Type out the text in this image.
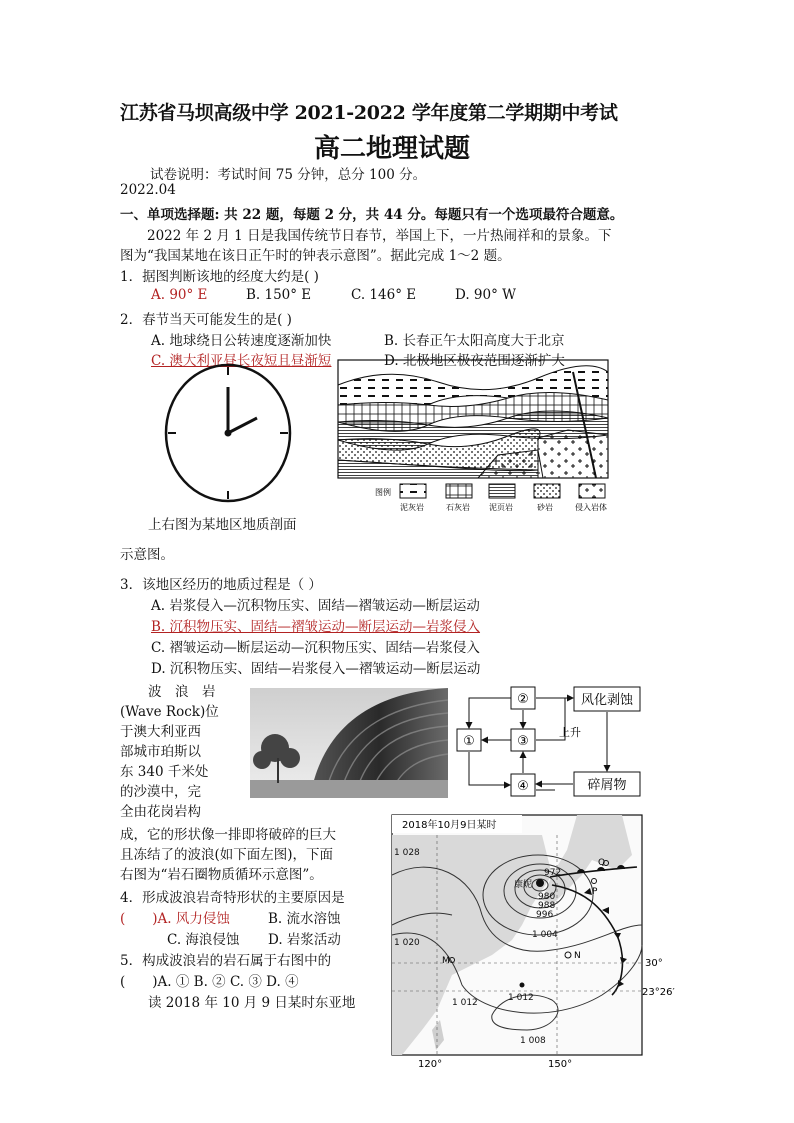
江苏省马坝高级中学 2021-2022 学年度第二学期期中考试
高二地理试题
试卷说明：考试时间 75 分钟，总分 100 分。
2022.04
一、单项选择题: 共 22 题，每题 2 分，共 44 分。每题只有一个选项最符合题意。
2022 年 2 月 1 日是我国传统节日春节，举国上下，一片热闹祥和的景象。下
图为“我国某地在该日正午时的钟表示意图”。据此完成 1～2 题。
1．据图判断该地的经度大约是( )
A. 90° E	B. 150° E	C. 146° E	D. 90° W
2．春节当天可能发生的是( )
A. 地球绕日公转速度逐渐加快	B. 长春正午太阳高度大于北京
C. 澳大利亚昼长夜短且昼渐短	D. 北极地区极夜范围逐渐扩大
图例
泥灰岩	石灰岩 泥页岩	砂岩	侵入岩体
上右图为某地区地质剖面
示意图。
3．该地区经历的地质过程是（ ）
A. 岩浆侵入—沉积物压实、固结—褶皱运动—断层运动
B. 沉积物压实、固结—褶皱运动—断层运动—岩浆侵入
C. 褶皱运动—断层运动—沉积物压实、固结—岩浆侵入
D. 沉积物压实、固结—岩浆侵入—褶皱运动—断层运动
波　浪　岩
(Wave Rock)位
于澳大利亚西
部城市珀斯以
东 340 千米处
的沙漠中，完
全由花岗岩构
成，它的形状像一排即将破碎的巨大
且冻结了的波浪(如下面左图)，下面
右图为“岩石圈物质循环示意图”。
①
②
③
④
风化剥蚀
碎屑物
上升
4．形成波浪岩奇特形状的主要原因是
(　　)A. 风力侵蚀	B. 流水溶蚀
C. 海浪侵蚀 D. 岩浆活动
5．构成波浪岩的岩石属于右图中的
(　　)A. ① B. ② C. ③ D. ④
读 2018 年 10 月 9 日某时东亚地
2018年10月9日某时
1 028
1 020
1 012	1 012
1 008
1 004
996
988
980
972
康妮
M	N
P
Q
30°
23°26′
120°	150°
